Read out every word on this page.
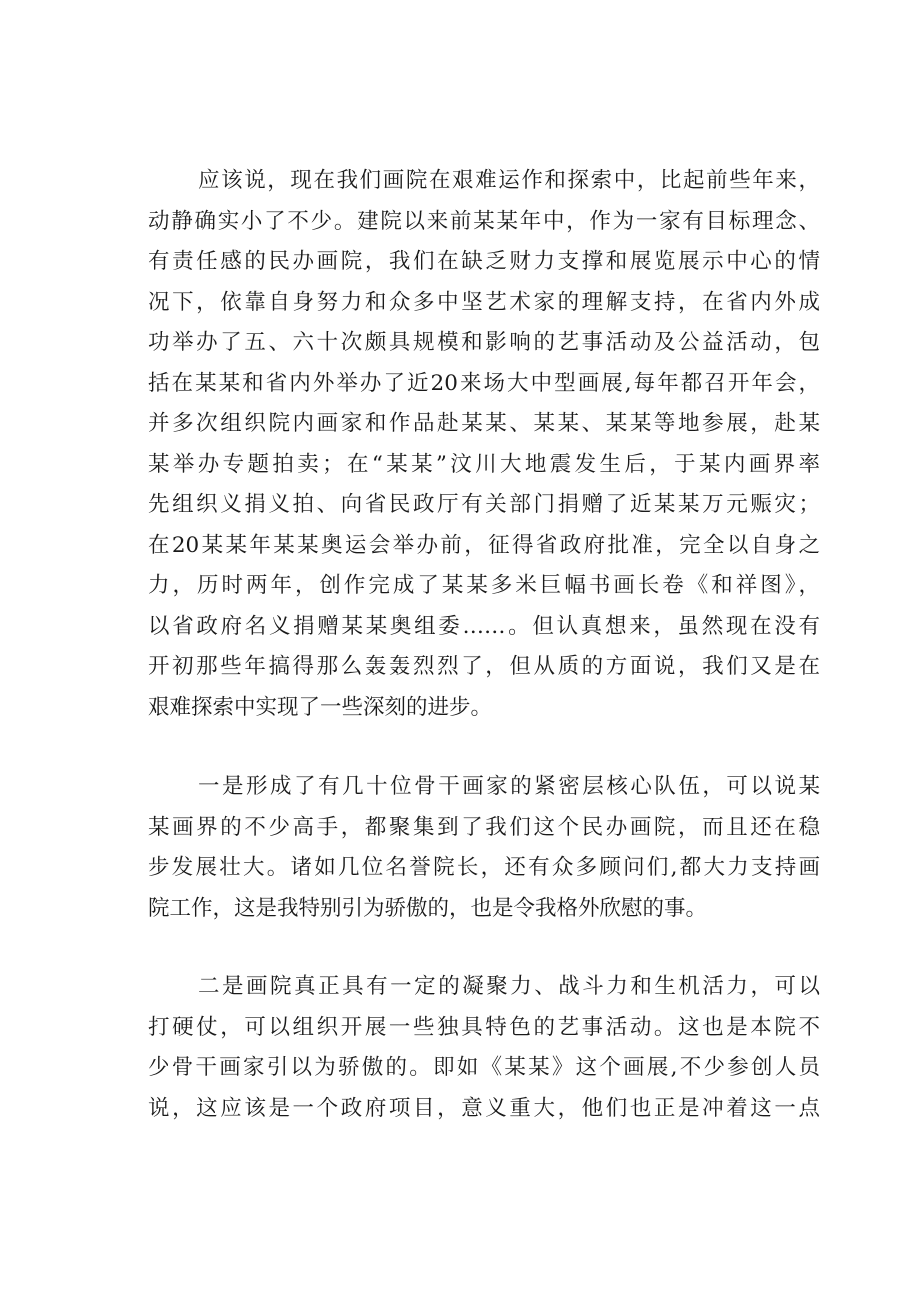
应该说，现在我们画院在艰难运作和探索中，比起前些年来，
动静确实小了不少。建院以来前某某年中，作为一家有目标理念、
有责任感的民办画院，我们在缺乏财力支撑和展览展示中心的情
况下，依靠自身努力和众多中坚艺术家的理解支持，在省内外成
功举办了五、六十次颇具规模和影响的艺事活动及公益活动，包
括在某某和省内外举办了近20来场大中型画展,每年都召开年会，
并多次组织院内画家和作品赴某某、某某、某某等地参展，赴某
某举办专题拍卖；在“某某”汶川大地震发生后，于某内画界率
先组织义捐义拍、向省民政厅有关部门捐赠了近某某万元赈灾；
在20某某年某某奥运会举办前，征得省政府批准，完全以自身之
力，历时两年，创作完成了某某多米巨幅书画长卷《和祥图》，
以省政府名义捐赠某某奥组委……。但认真想来，虽然现在没有
开初那些年搞得那么轰轰烈烈了，但从质的方面说，我们又是在
艰难探索中实现了一些深刻的进步。
一是形成了有几十位骨干画家的紧密层核心队伍，可以说某
某画界的不少高手，都聚集到了我们这个民办画院，而且还在稳
步发展壮大。诸如几位名誉院长，还有众多顾问们,都大力支持画
院工作，这是我特别引为骄傲的，也是令我格外欣慰的事。
二是画院真正具有一定的凝聚力、战斗力和生机活力，可以
打硬仗，可以组织开展一些独具特色的艺事活动。这也是本院不
少骨干画家引以为骄傲的。即如《某某》这个画展,不少参创人员
说，这应该是一个政府项目，意义重大，他们也正是冲着这一点
